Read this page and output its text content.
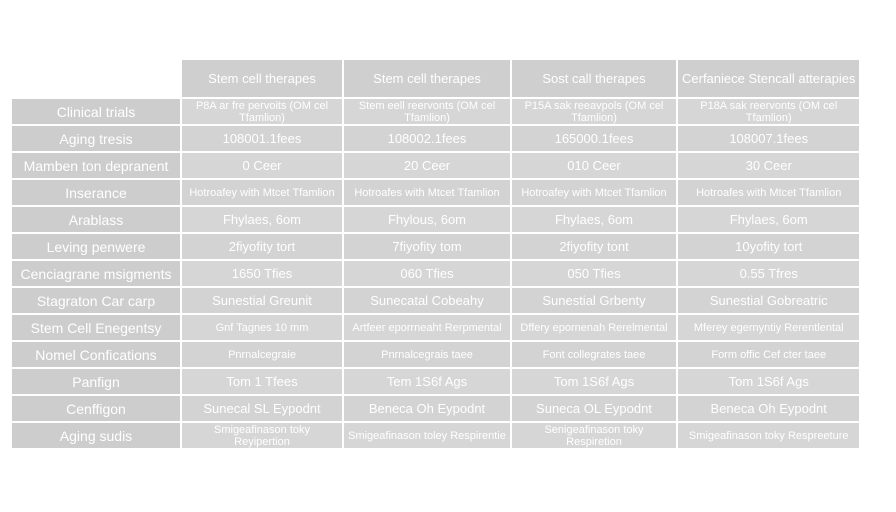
	Stem cell therapes	Stem cell therapes	Sost call therapes	Cerfaniece Stencall atterapies
Clinical trials	P8A ar fre pervoits (OM cel Tfamlion)	Stem eell reervonts (OM cel Tfamlion)	P15A sak reeavpols (OM cel Tfamlion)	P18A sak reervonts (OM cel Tfamlion)
Aging tresis	108001.1fees	108002.1fees	165000.1fees	108007.1fees
Mamben ton depranent	0 Ceer	20 Ceer	010 Ceer	30 Ceer
Inserance	Hotroafey with Mtcet Tfamlion	Hotroafes with Mtcet Tfamlion	Hotroafey with Mtcet Tfamlion	Hotroafes with Mtcet Tfamlion
Arablass	Fhylaes, 6om	Fhylous, 6om	Fhylaes, 6om	Fhylaes, 6om
Leving penwere	2fiyofity tort	7fiyofity tom	2fiyofity tont	10yofity tort
Cenciagrane msigments	1650 Tfies	060 Tfies	050 Tfies	0.55 Tfres
Stagraton Car carp	Sunestial Greunit	Sunecatal Cobeahy	Sunestial Grbenty	Sunestial Gobreatric
Stem Cell Enegentsy	Gnf Tagnes 10 mm	Artfeer eporrneaht Rerpmental	Dffery epornenah Rerelmental	Mferey egernyntiy Rerentlental
Nomel Confications	Pnrnalcegraie	Pnrnalcegrais taee	Font collegrates taee	Form offic Cef cter taee
Panfign	Tom 1 Tfees	Tem 1S6f Ags	Tom 1S6f Ags	Tom 1S6f Ags
Cenffigon	Sunecal SL Eypodnt	Beneca Oh Eypodnt	Suneca OL Eypodnt	Beneca Oh Eypodnt
Aging sudis	Smigeafinason toky Reyipertion	Smigeafinason toley Respirentie	Senigeafinason toky Respiretion	Smigeafinason toky Respreeture
